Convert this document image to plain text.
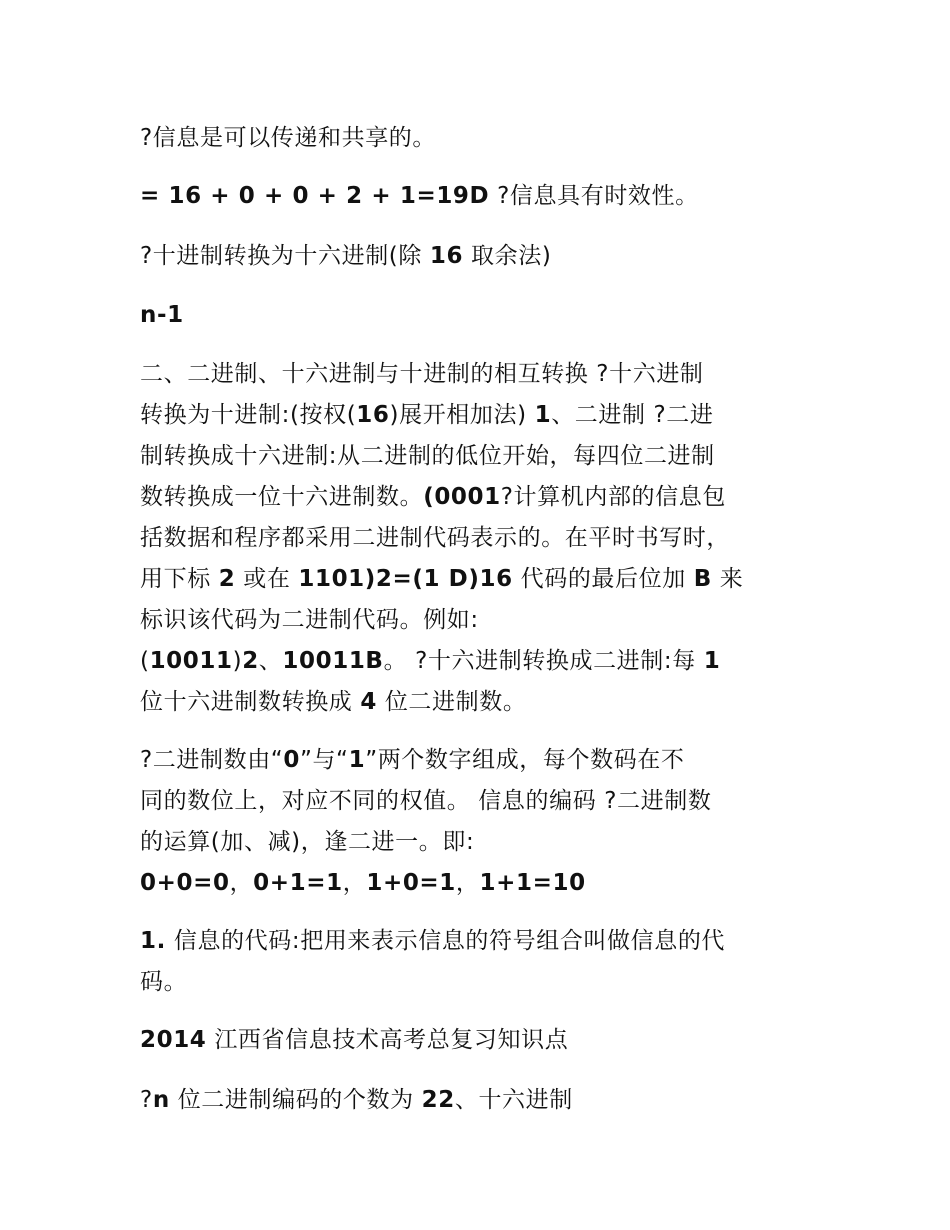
?信息是可以传递和共享的。
= 16 + 0 + 0 + 2 + 1=19D ?信息具有时效性。
?十进制转换为十六进制(除 16 取余法)
n-1
二、二进制、十六进制与十进制的相互转换 ?十六进制
转换为十进制:(按权(16)展开相加法) 1、二进制 ?二进
制转换成十六进制:从二进制的低位开始，每四位二进制
数转换成一位十六进制数。(0001?计算机内部的信息包
括数据和程序都采用二进制代码表示的。在平时书写时，
用下标 2 或在 1101)2=(1 D)16 代码的最后位加 B 来
标识该代码为二进制代码。例如:
(10011)2、10011B。 ?十六进制转换成二进制:每 1
位十六进制数转换成 4 位二进制数。
?二进制数由“0”与“1”两个数字组成，每个数码在不
同的数位上，对应不同的权值。 信息的编码 ?二进制数
的运算(加、减)，逢二进一。即:
0+0=0，0+1=1，1+0=1，1+1=10
1. 信息的代码:把用来表示信息的符号组合叫做信息的代
码。
2014 江西省信息技术高考总复习知识点
?n 位二进制编码的个数为 22、十六进制
